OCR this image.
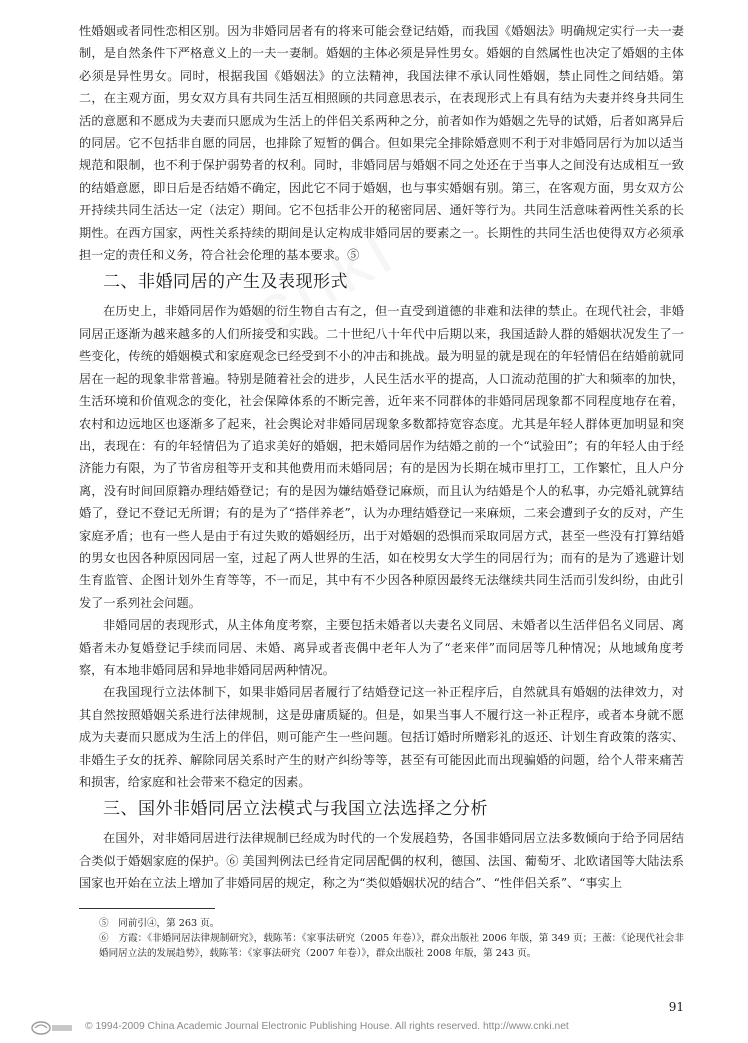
性婚姻或者同性恋相区别。因为非婚同居者有的将来可能会登记结婚，而我国《婚姻法》明确规定实行一夫一妻制，是自然条件下严格意义上的一夫一妻制。婚姻的主体必须是异性男女。婚姻的自然属性也决定了婚姻的主体必须是异性男女。同时，根据我国《婚姻法》的立法精神，我国法律不承认同性婚姻，禁止同性之间结婚。第二，在主观方面，男女双方具有共同生活互相照顾的共同意思表示，在表现形式上有具有结为夫妻并终身共同生活的意愿和不愿成为夫妻而只愿成为生活上的伴侣关系两种之分，前者如作为婚姻之先导的试婚，后者如离异后的同居。它不包括非自愿的同居，也排除了短暂的偶合。但如果完全排除婚意则不利于对非婚同居行为加以适当规范和限制，也不利于保护弱势者的权利。同时，非婚同居与婚姻不同之处还在于当事人之间没有达成相互一致的结婚意愿，即日后是否结婚不确定，因此它不同于婚姻，也与事实婚姻有别。第三，在客观方面，男女双方公开持续共同生活达一定（法定）期间。它不包括非公开的秘密同居、通奸等行为。共同生活意味着两性关系的长期性。在西方国家，两性关系持续的期间是认定构成非婚同居的要素之一。长期性的共同生活也使得双方必须承担一定的责任和义务，符合社会伦理的基本要求。⑤

二、非婚同居的产生及表现形式

在历史上，非婚同居作为婚姻的衍生物自古有之，但一直受到道德的非难和法律的禁止。在现代社会，非婚同居正逐渐为越来越多的人们所接受和实践。二十世纪八十年代中后期以来，我国适龄人群的婚姻状况发生了一些变化，传统的婚姻模式和家庭观念已经受到不小的冲击和挑战。最为明显的就是现在的年轻情侣在结婚前就同居在一起的现象非常普遍。特别是随着社会的进步，人民生活水平的提高，人口流动范围的扩大和频率的加快，生活环境和价值观念的变化，社会保障体系的不断完善，近年来不同群体的非婚同居现象都不同程度地存在着，农村和边远地区也逐渐多了起来，社会舆论对非婚同居现象多数都持宽容态度。尤其是年轻人群体更加明显和突出，表现在：有的年轻情侣为了追求美好的婚姻，把未婚同居作为结婚之前的一个“试验田”；有的年轻人由于经济能力有限，为了节省房租等开支和其他费用而未婚同居；有的是因为长期在城市里打工，工作繁忙，且人户分离，没有时间回原籍办理结婚登记；有的是因为嫌结婚登记麻烦，而且认为结婚是个人的私事，办完婚礼就算结婚了，登记不登记无所谓；有的是为了“搭伴养老”，认为办理结婚登记一来麻烦，二来会遭到子女的反对，产生家庭矛盾；也有一些人是由于有过失败的婚姻经历，出于对婚姻的恐惧而采取同居方式，甚至一些没有打算结婚的男女也因各种原因同居一室，过起了两人世界的生活，如在校男女大学生的同居行为；而有的是为了逃避计划生育监管、企图计划外生育等等，不一而足，其中有不少因各种原因最终无法继续共同生活而引发纠纷，由此引发了一系列社会问题。

非婚同居的表现形式，从主体角度考察，主要包括未婚者以夫妻名义同居、未婚者以生活伴侣名义同居、离婚者未办复婚登记手续而同居、未婚、离异或者丧偶中老年人为了“老来伴”而同居等几种情况；从地域角度考察，有本地非婚同居和异地非婚同居两种情况。

在我国现行立法体制下，如果非婚同居者履行了结婚登记这一补正程序后，自然就具有婚姻的法律效力，对其自然按照婚姻关系进行法律规制，这是毋庸质疑的。但是，如果当事人不履行这一补正程序，或者本身就不愿成为夫妻而只愿成为生活上的伴侣，则可能产生一些问题。包括订婚时所赠彩礼的返还、计划生育政策的落实、非婚生子女的抚养、解除同居关系时产生的财产纠纷等等，甚至有可能因此而出现骗婚的问题，给个人带来痛苦和损害，给家庭和社会带来不稳定的因素。

三、国外非婚同居立法模式与我国立法选择之分析

在国外，对非婚同居进行法律规制已经成为时代的一个发展趋势，各国非婚同居立法多数倾向于给予同居结合类似于婚姻家庭的保护。⑥ 美国判例法已经肯定同居配偶的权利，德国、法国、葡萄牙、北欧诸国等大陆法系国家也开始在立法上增加了非婚同居的规定，称之为“类似婚姻状况的结合”、“性伴侣关系”、“事实上

⑤　同前引④，第 263 页。

⑥　方霞：《非婚同居法律规制研究》，载陈苇：《家事法研究（2005 年卷）》，群众出版社 2006 年版，第 349 页；王薇：《论现代社会非婚同居立法的发展趋势》，载陈苇：《家事法研究（2007 年卷）》，群众出版社 2008 年版，第 243 页。

91
© 1994-2009 China Academic Journal Electronic Publishing House. All rights reserved. http://www.cnki.net
